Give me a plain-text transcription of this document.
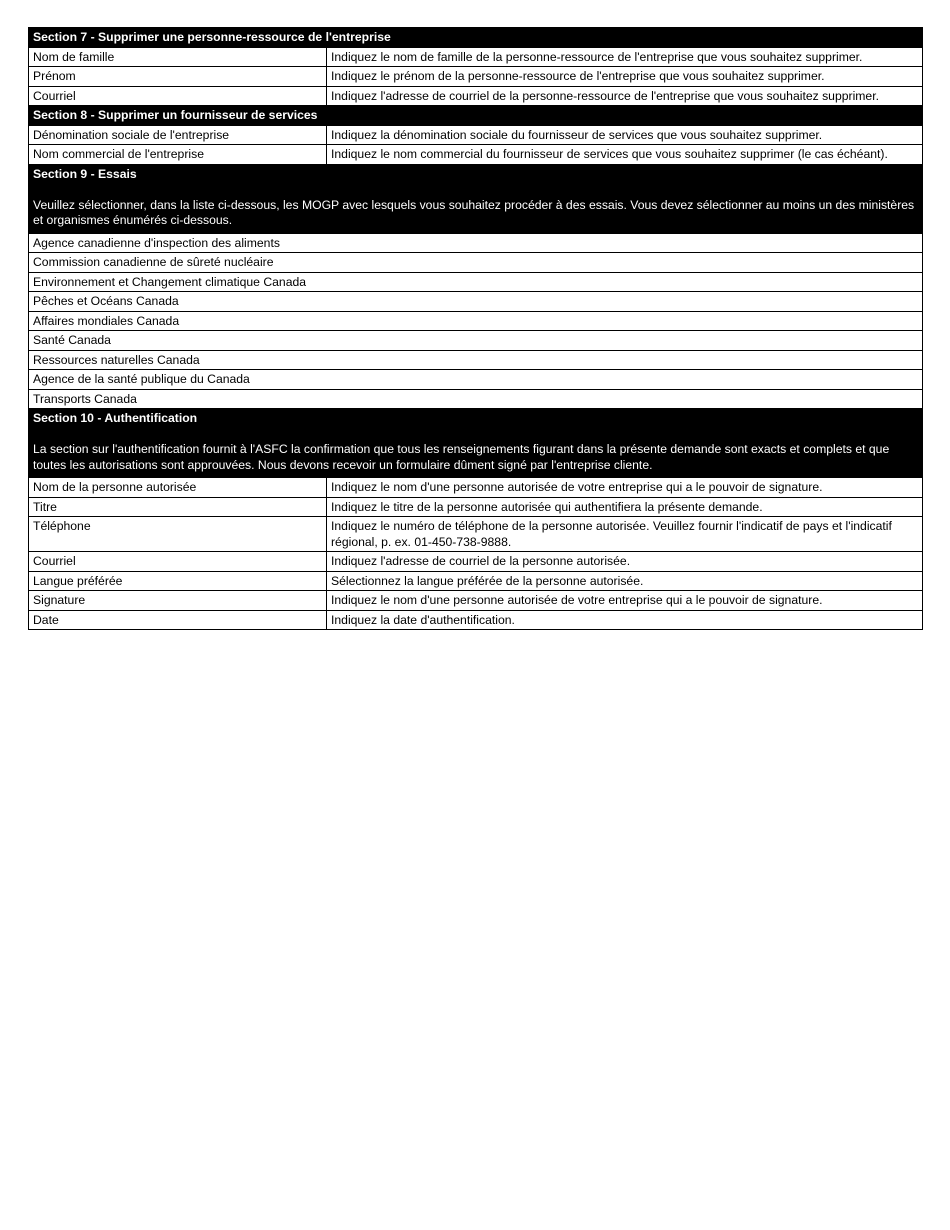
Section 7 - Supprimer une personne-ressource de l'entreprise	
Nom de famille	Indiquez le nom de famille de la personne-ressource de l'entreprise que vous souhaitez supprimer.
Prénom	Indiquez le prénom de la personne-ressource de l'entreprise que vous souhaitez supprimer.
Courriel	Indiquez l'adresse de courriel de la personne-ressource de l'entreprise que vous souhaitez supprimer.
Section 8 - Supprimer un fournisseur de services	
Dénomination sociale de l'entreprise	Indiquez la dénomination sociale du fournisseur de services que vous souhaitez supprimer.
Nom commercial de l'entreprise	Indiquez le nom commercial du fournisseur de services que vous souhaitez supprimer (le cas échéant).

Section 9 - Essais
Veuillez sélectionner, dans la liste ci-dessous, les MOGP avec lesquels vous souhaitez procéder à des essais. Vous devez sélectionner au moins un des ministères et organismes énumérés ci-dessous.	

Agence canadienne d'inspection des aliments	
Commission canadienne de sûreté nucléaire	
Environnement et Changement climatique Canada	
Pêches et Océans Canada	
Affaires mondiales Canada	
Santé Canada	
Ressources naturelles Canada	
Agence de la santé publique du Canada	
Transports Canada	

Section 10 - Authentification
La section sur l'authentification fournit à l'ASFC la confirmation que tous les renseignements figurant dans la présente demande sont exacts et complets et que toutes les autorisations sont approuvées. Nous devons recevoir un formulaire dûment signé par l'entreprise cliente.	

Nom de la personne autorisée	Indiquez le nom d'une personne autorisée de votre entreprise qui a le pouvoir de signature.
Titre	Indiquez le titre de la personne autorisée qui authentifiera la présente demande.
Téléphone	Indiquez le numéro de téléphone de la personne autorisée. Veuillez fournir l'indicatif de pays et l'indicatif régional, p. ex. 01-450-738-9888.
Courriel	Indiquez l'adresse de courriel de la personne autorisée.
Langue préférée	Sélectionnez la langue préférée de la personne autorisée.
Signature	Indiquez le nom d'une personne autorisée de votre entreprise qui a le pouvoir de signature.
Date	Indiquez la date d'authentification.
